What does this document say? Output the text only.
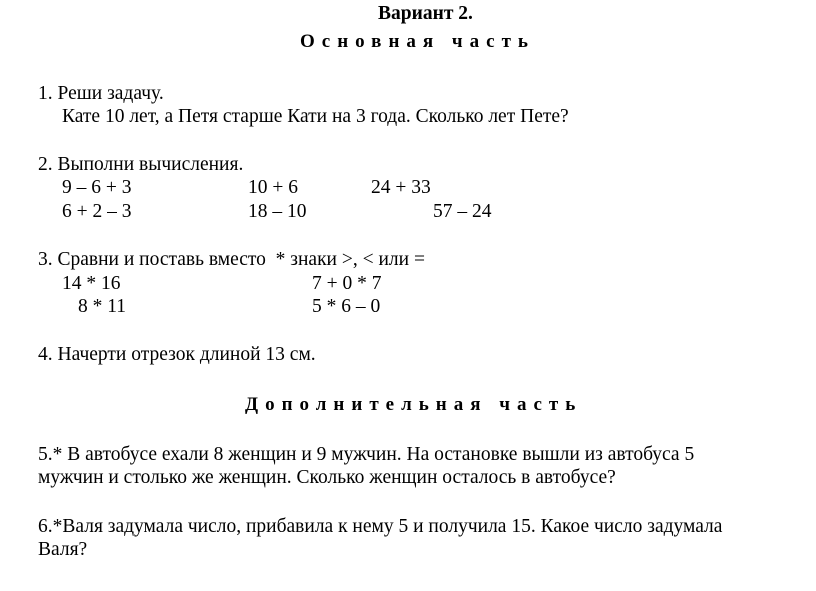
Вариант 2.
Основная часть
1. Реши задачу.
Кате 10 лет, а Петя старше Кати на 3 года. Сколько лет Пете?
2. Выполни вычисления.
9 – 6 + 3	10 + 6	24 + 33
6 + 2 – 3	18 – 10	57 – 24
3. Сравни и поставь вместо  * знаки >, < или =
14 * 16	7 + 0 * 7
8 * 11	5 * 6 – 0
4. Начерти отрезок длиной 13 см.
Дополнительная часть
5.* В автобусе ехали 8 женщин и 9 мужчин. На остановке вышли из автобуса 5
мужчин и столько же женщин. Сколько женщин осталось в автобусе?
6.*Валя задумала число, прибавила к нему 5 и получила 15. Какое число задумала
Валя?
